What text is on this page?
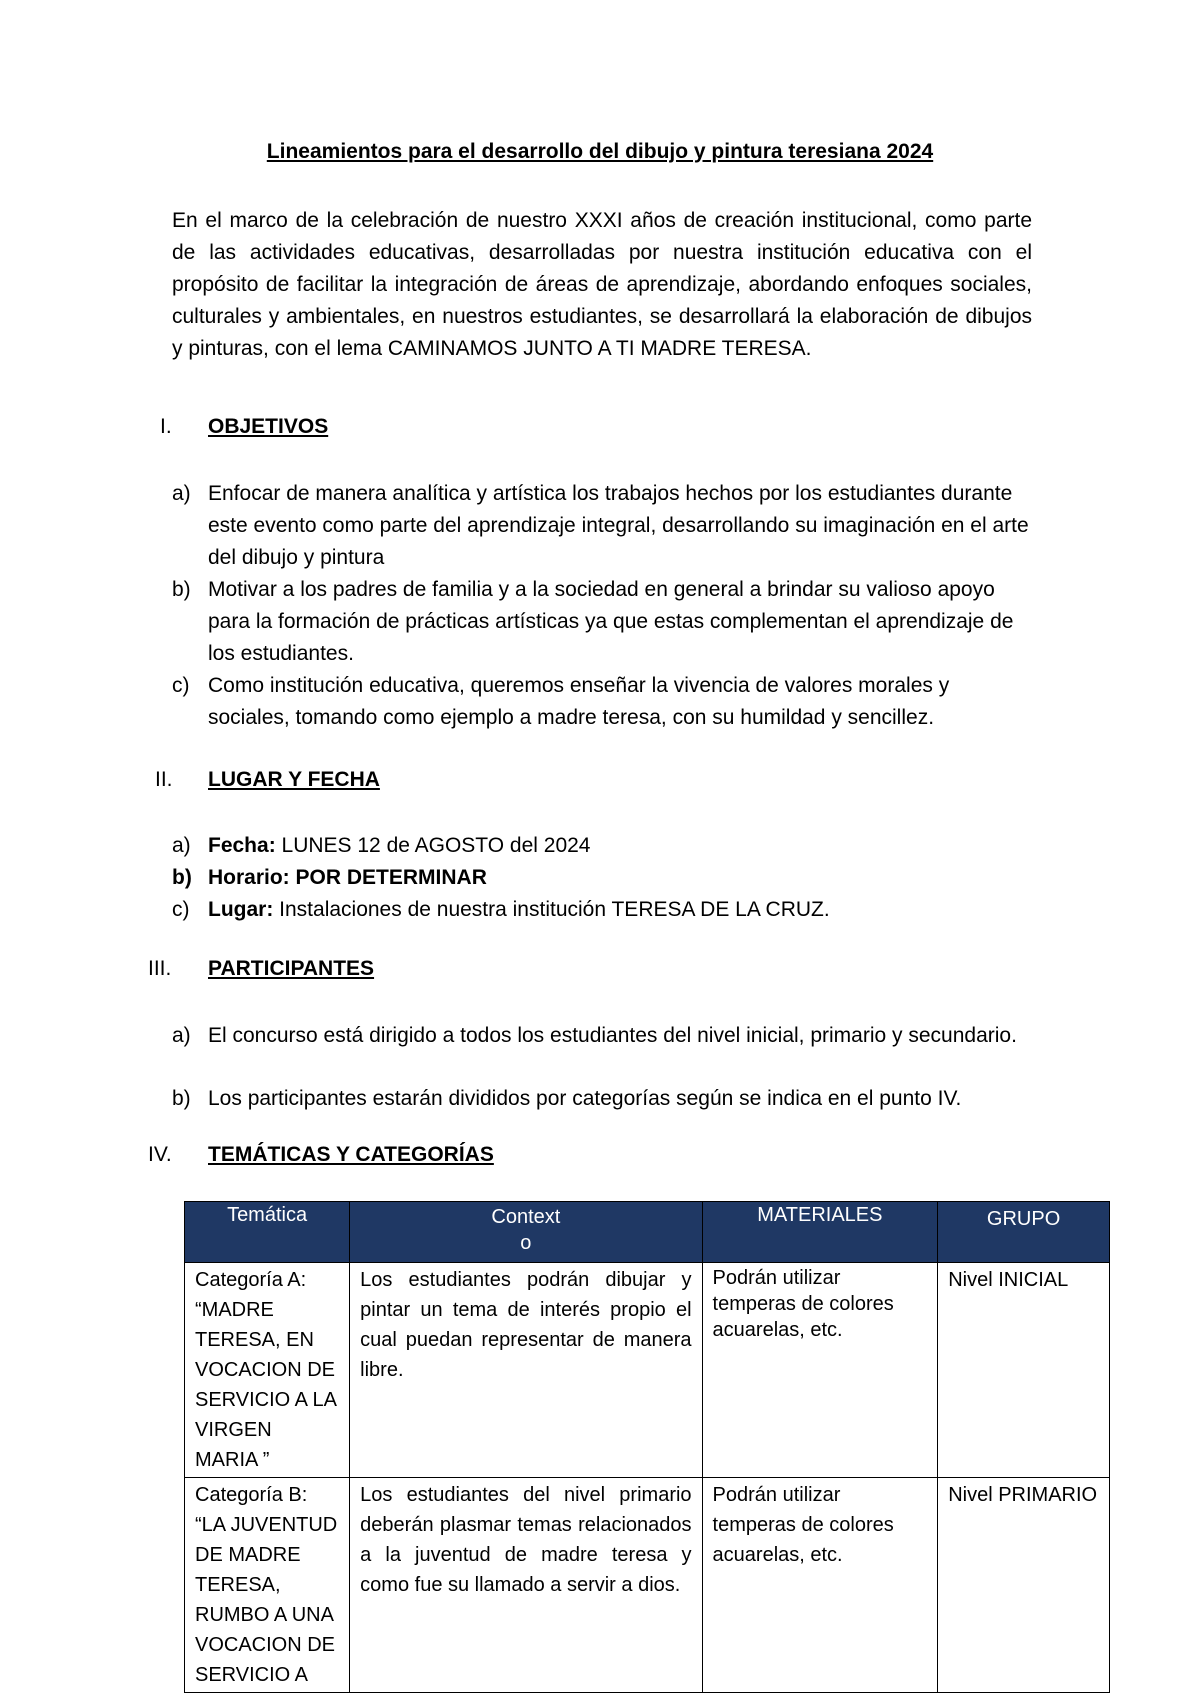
Lineamientos para el desarrollo del dibujo y pintura teresiana 2024

En el marco de la celebración de nuestro XXXI años de creación institucional, como parte de las actividades educativas, desarrolladas por nuestra institución educativa con el propósito de facilitar la integración de áreas de aprendizaje, abordando enfoques sociales, culturales y ambientales, en nuestros estudiantes, se desarrollará la elaboración de dibujos y pinturas, con el lema CAMINAMOS JUNTO A TI MADRE TERESA.

I. OBJETIVOS
a) Enfocar de manera analítica y artística los trabajos hechos por los estudiantes durante este evento como parte del aprendizaje integral, desarrollando su imaginación en el arte del dibujo y pintura
b) Motivar a los padres de familia y a la sociedad en general a brindar su valioso apoyo para la formación de prácticas artísticas ya que estas complementan el aprendizaje de los estudiantes.
c) Como institución educativa, queremos enseñar la vivencia de valores morales y sociales, tomando como ejemplo a madre teresa, con su humildad y sencillez.
II. LUGAR Y FECHA
a) Fecha: LUNES 12 de AGOSTO del 2024
b) Horario: POR DETERMINAR
c) Lugar: Instalaciones de nuestra institución TERESA DE LA CRUZ.
III. PARTICIPANTES
a) El concurso está dirigido a todos los estudiantes del nivel inicial, primario y secundario.
b) Los participantes estarán divididos por categorías según se indica en el punto IV.
IV. TEMÁTICAS Y CATEGORÍAS
Temática	Context o	MATERIALES	GRUPO
Categoría A: “MADRE TERESA, EN VOCACION DE SERVICIO A LA VIRGEN MARIA ”	Los estudiantes podrán dibujar y pintar un tema de interés propio el cual puedan representar de manera libre.	Podrán utilizar temperas de colores acuarelas, etc.	Nivel INICIAL
Categoría B: “LA JUVENTUD DE MADRE TERESA, RUMBO A UNA VOCACION DE SERVICIO A	Los estudiantes del nivel primario deberán plasmar temas relacionados a la juventud de madre teresa y como fue su llamado a servir a dios.	Podrán utilizar temperas de colores acuarelas, etc.	Nivel PRIMARIO
